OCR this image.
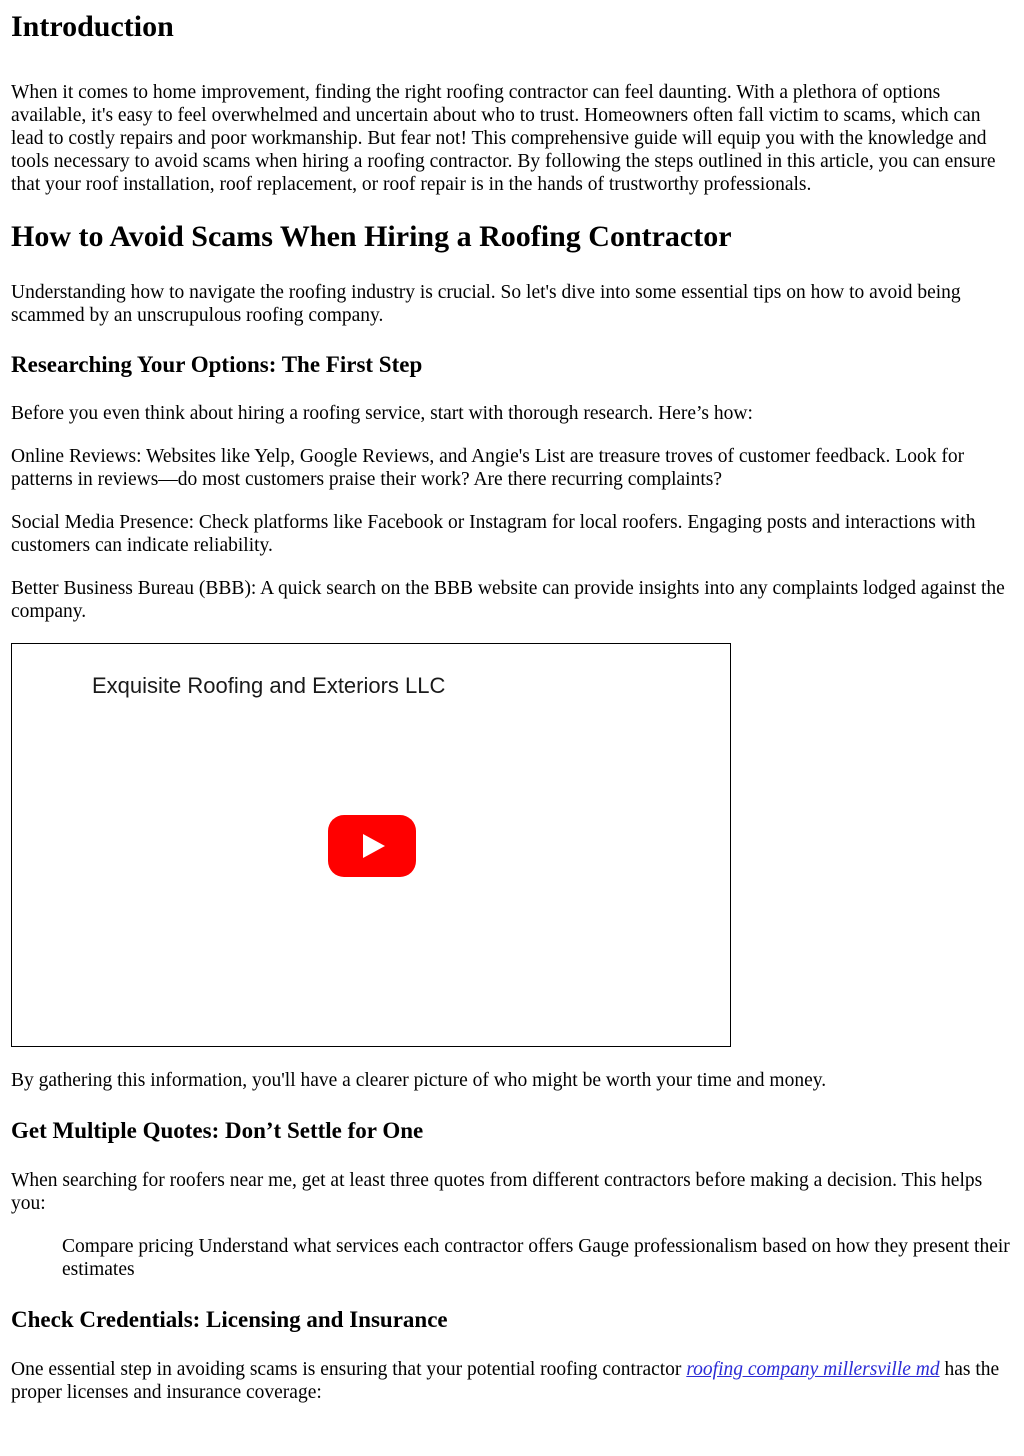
Introduction

When it comes to home improvement, finding the right roofing contractor can feel daunting. With a plethora of options available, it's easy to feel overwhelmed and uncertain about who to trust. Homeowners often fall victim to scams, which can lead to costly repairs and poor workmanship. But fear not! This comprehensive guide will equip you with the knowledge and tools necessary to avoid scams when hiring a roofing contractor. By following the steps outlined in this article, you can ensure that your roof installation, roof replacement, or roof repair is in the hands of trustworthy professionals.

How to Avoid Scams When Hiring a Roofing Contractor

Understanding how to navigate the roofing industry is crucial. So let's dive into some essential tips on how to avoid being scammed by an unscrupulous roofing company.

Researching Your Options: The First Step

Before you even think about hiring a roofing service, start with thorough research. Here’s how:

Online Reviews: Websites like Yelp, Google Reviews, and Angie's List are treasure troves of customer feedback. Look for patterns in reviews—do most customers praise their work? Are there recurring complaints?

Social Media Presence: Check platforms like Facebook or Instagram for local roofers. Engaging posts and interactions with customers can indicate reliability.

Better Business Bureau (BBB): A quick search on the BBB website can provide insights into any complaints lodged against the company.

Exquisite Roofing and Exteriors LLC

By gathering this information, you'll have a clearer picture of who might be worth your time and money.

Get Multiple Quotes: Don’t Settle for One

When searching for roofers near me, get at least three quotes from different contractors before making a decision. This helps you:

Compare pricing Understand what services each contractor offers Gauge professionalism based on how they present their estimates

Check Credentials: Licensing and Insurance

One essential step in avoiding scams is ensuring that your potential roofing contractor roofing company millersville md has the proper licenses and insurance coverage:
